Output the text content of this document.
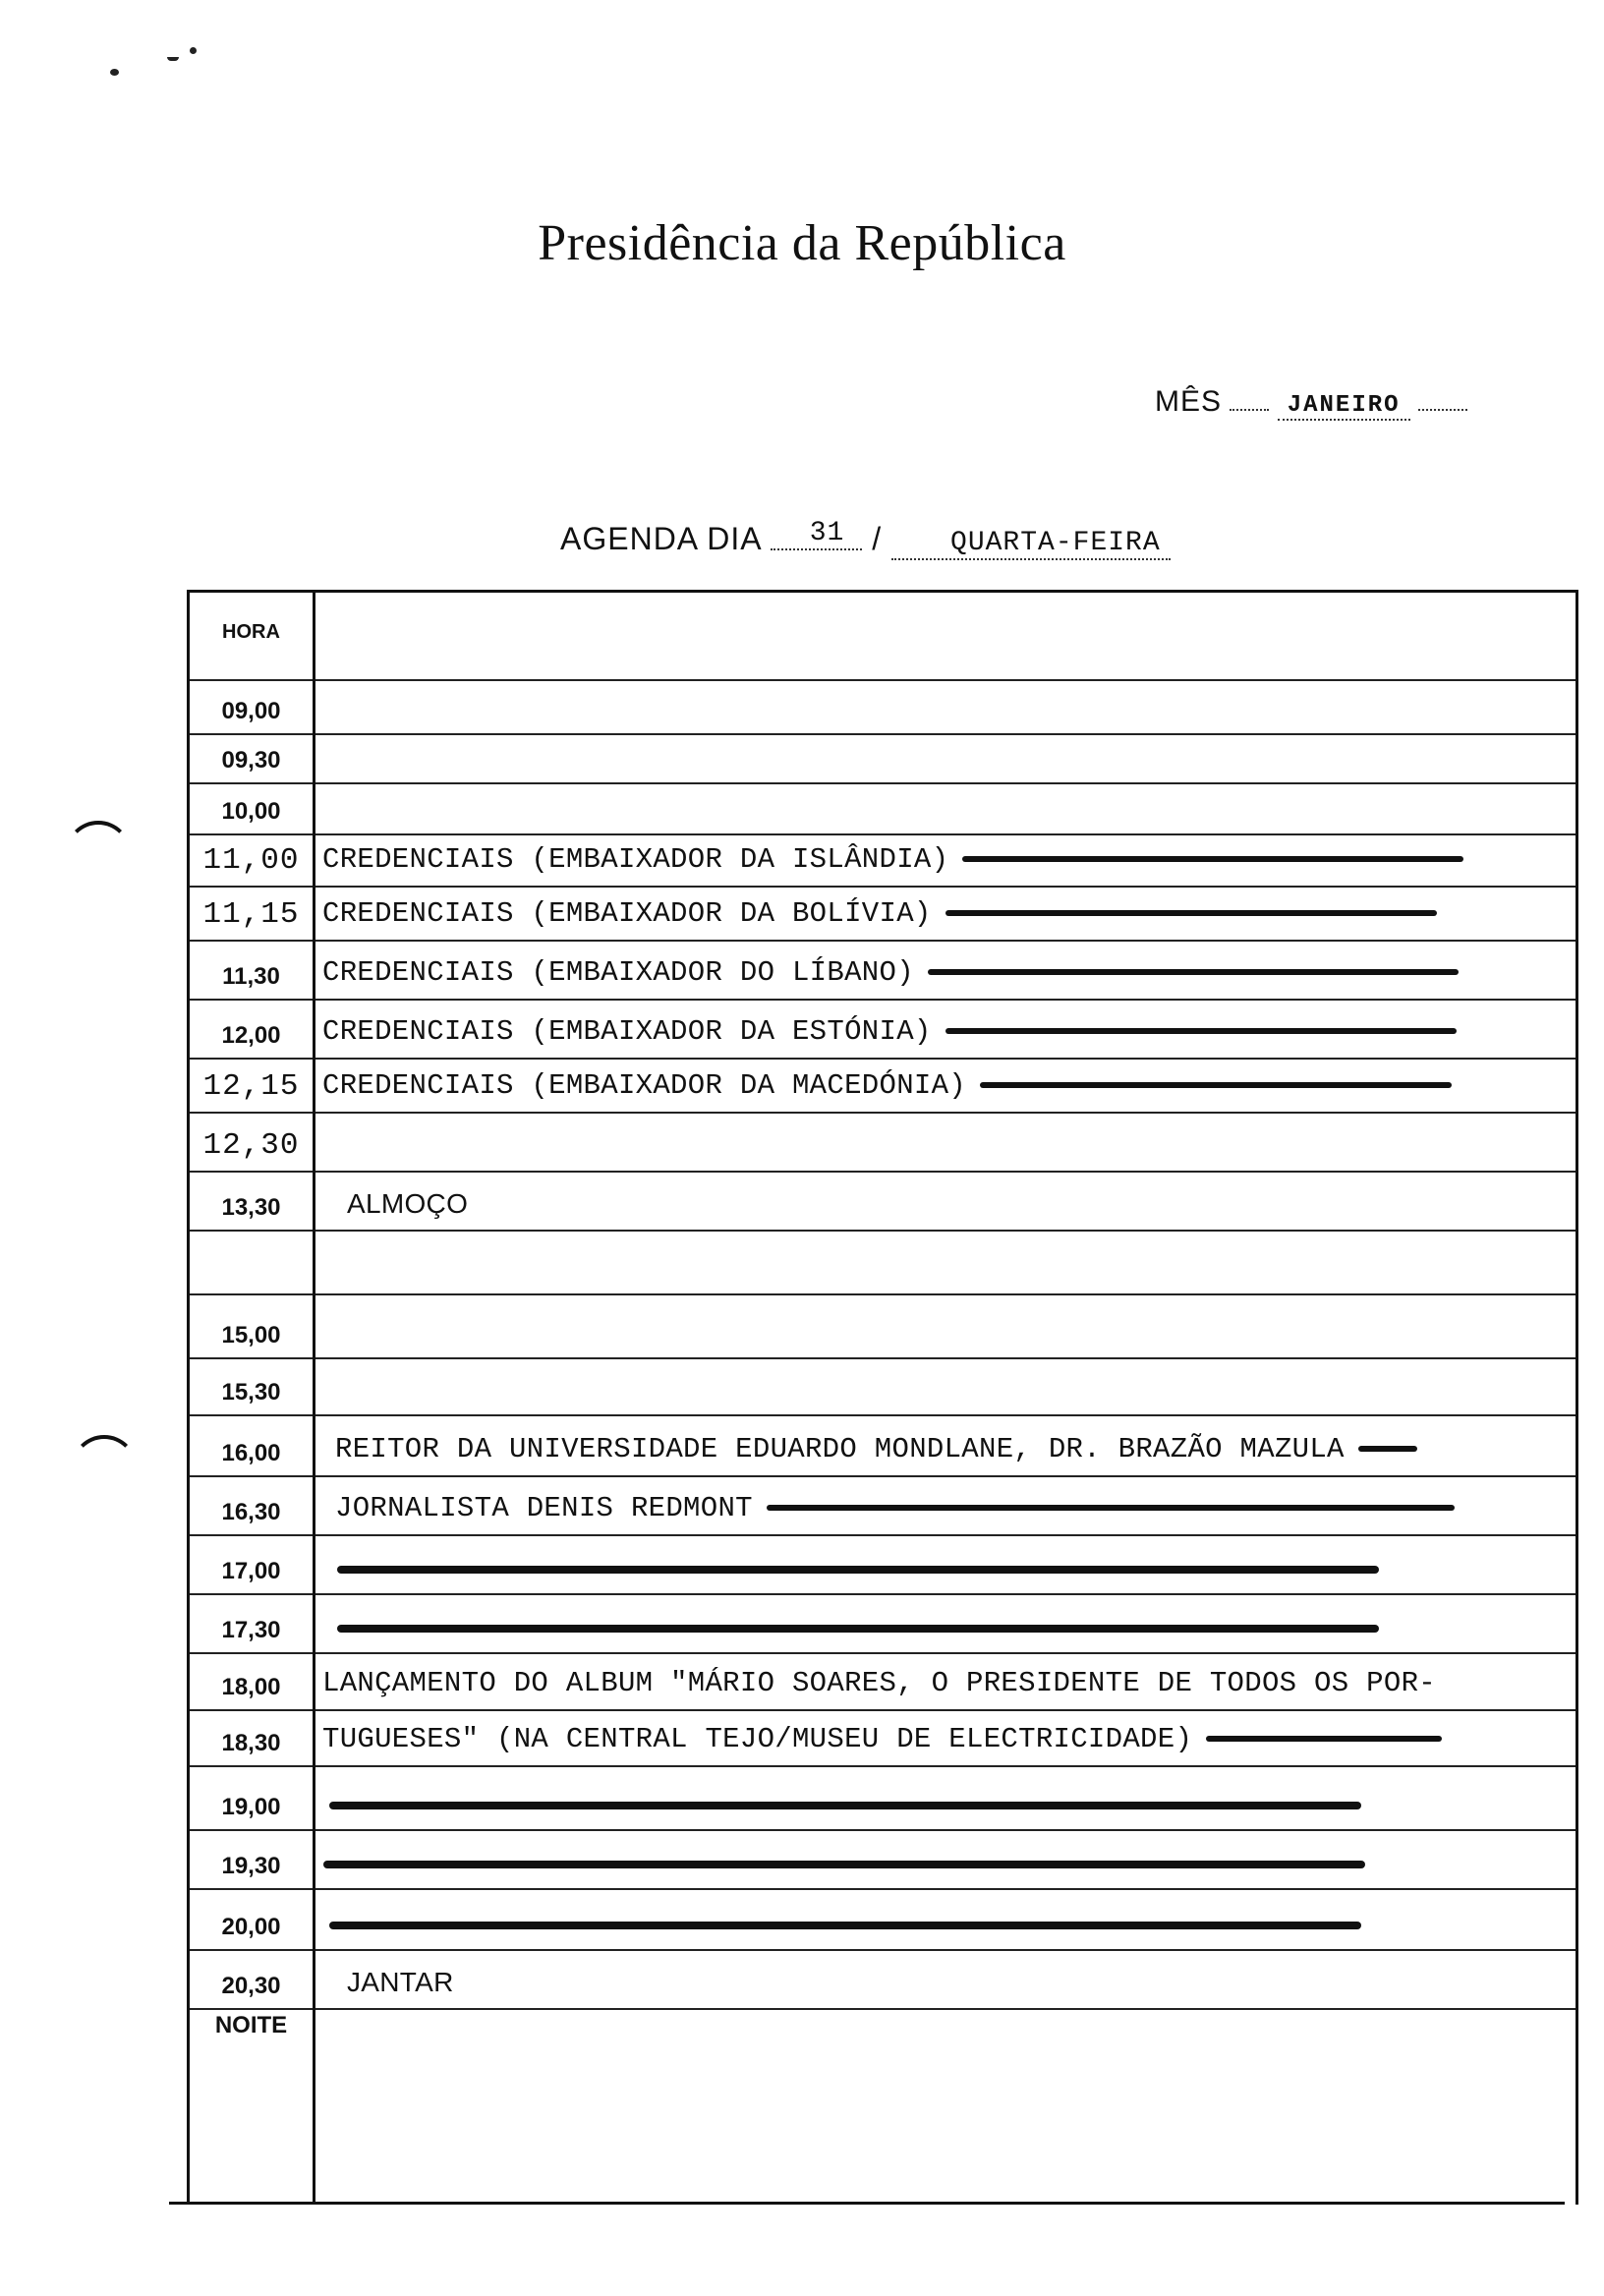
Presidência da República
MÊS	JANEIRO
AGENDA DIA 31 / QUARTA-FEIRA
HORA
09,00
09,30
10,00
11,00 CREDENCIAIS (EMBAIXADOR DA ISLÂNDIA)
11,15 CREDENCIAIS (EMBAIXADOR DA BOLÍVIA)
11,30	CREDENCIAIS (EMBAIXADOR DO LÍBANO)
12,00	CREDENCIAIS (EMBAIXADOR DA ESTÓNIA)
12,15 CREDENCIAIS (EMBAIXADOR DA MACEDÓNIA)
12,30
13,30	ALMOÇO
15,00
15,30
16,00	REITOR DA UNIVERSIDADE EDUARDO MONDLANE, DR. BRAZÃO MAZULA
16,30	JORNALISTA DENIS REDMONT
17,00
17,30
18,00	LANÇAMENTO DO ALBUM "MÁRIO SOARES, O PRESIDENTE DE TODOS OS POR-
18,30	TUGUESES" (NA CENTRAL TEJO/MUSEU DE ELECTRICIDADE)
19,00
19,30
20,00
20,30	JANTAR
NOITE
